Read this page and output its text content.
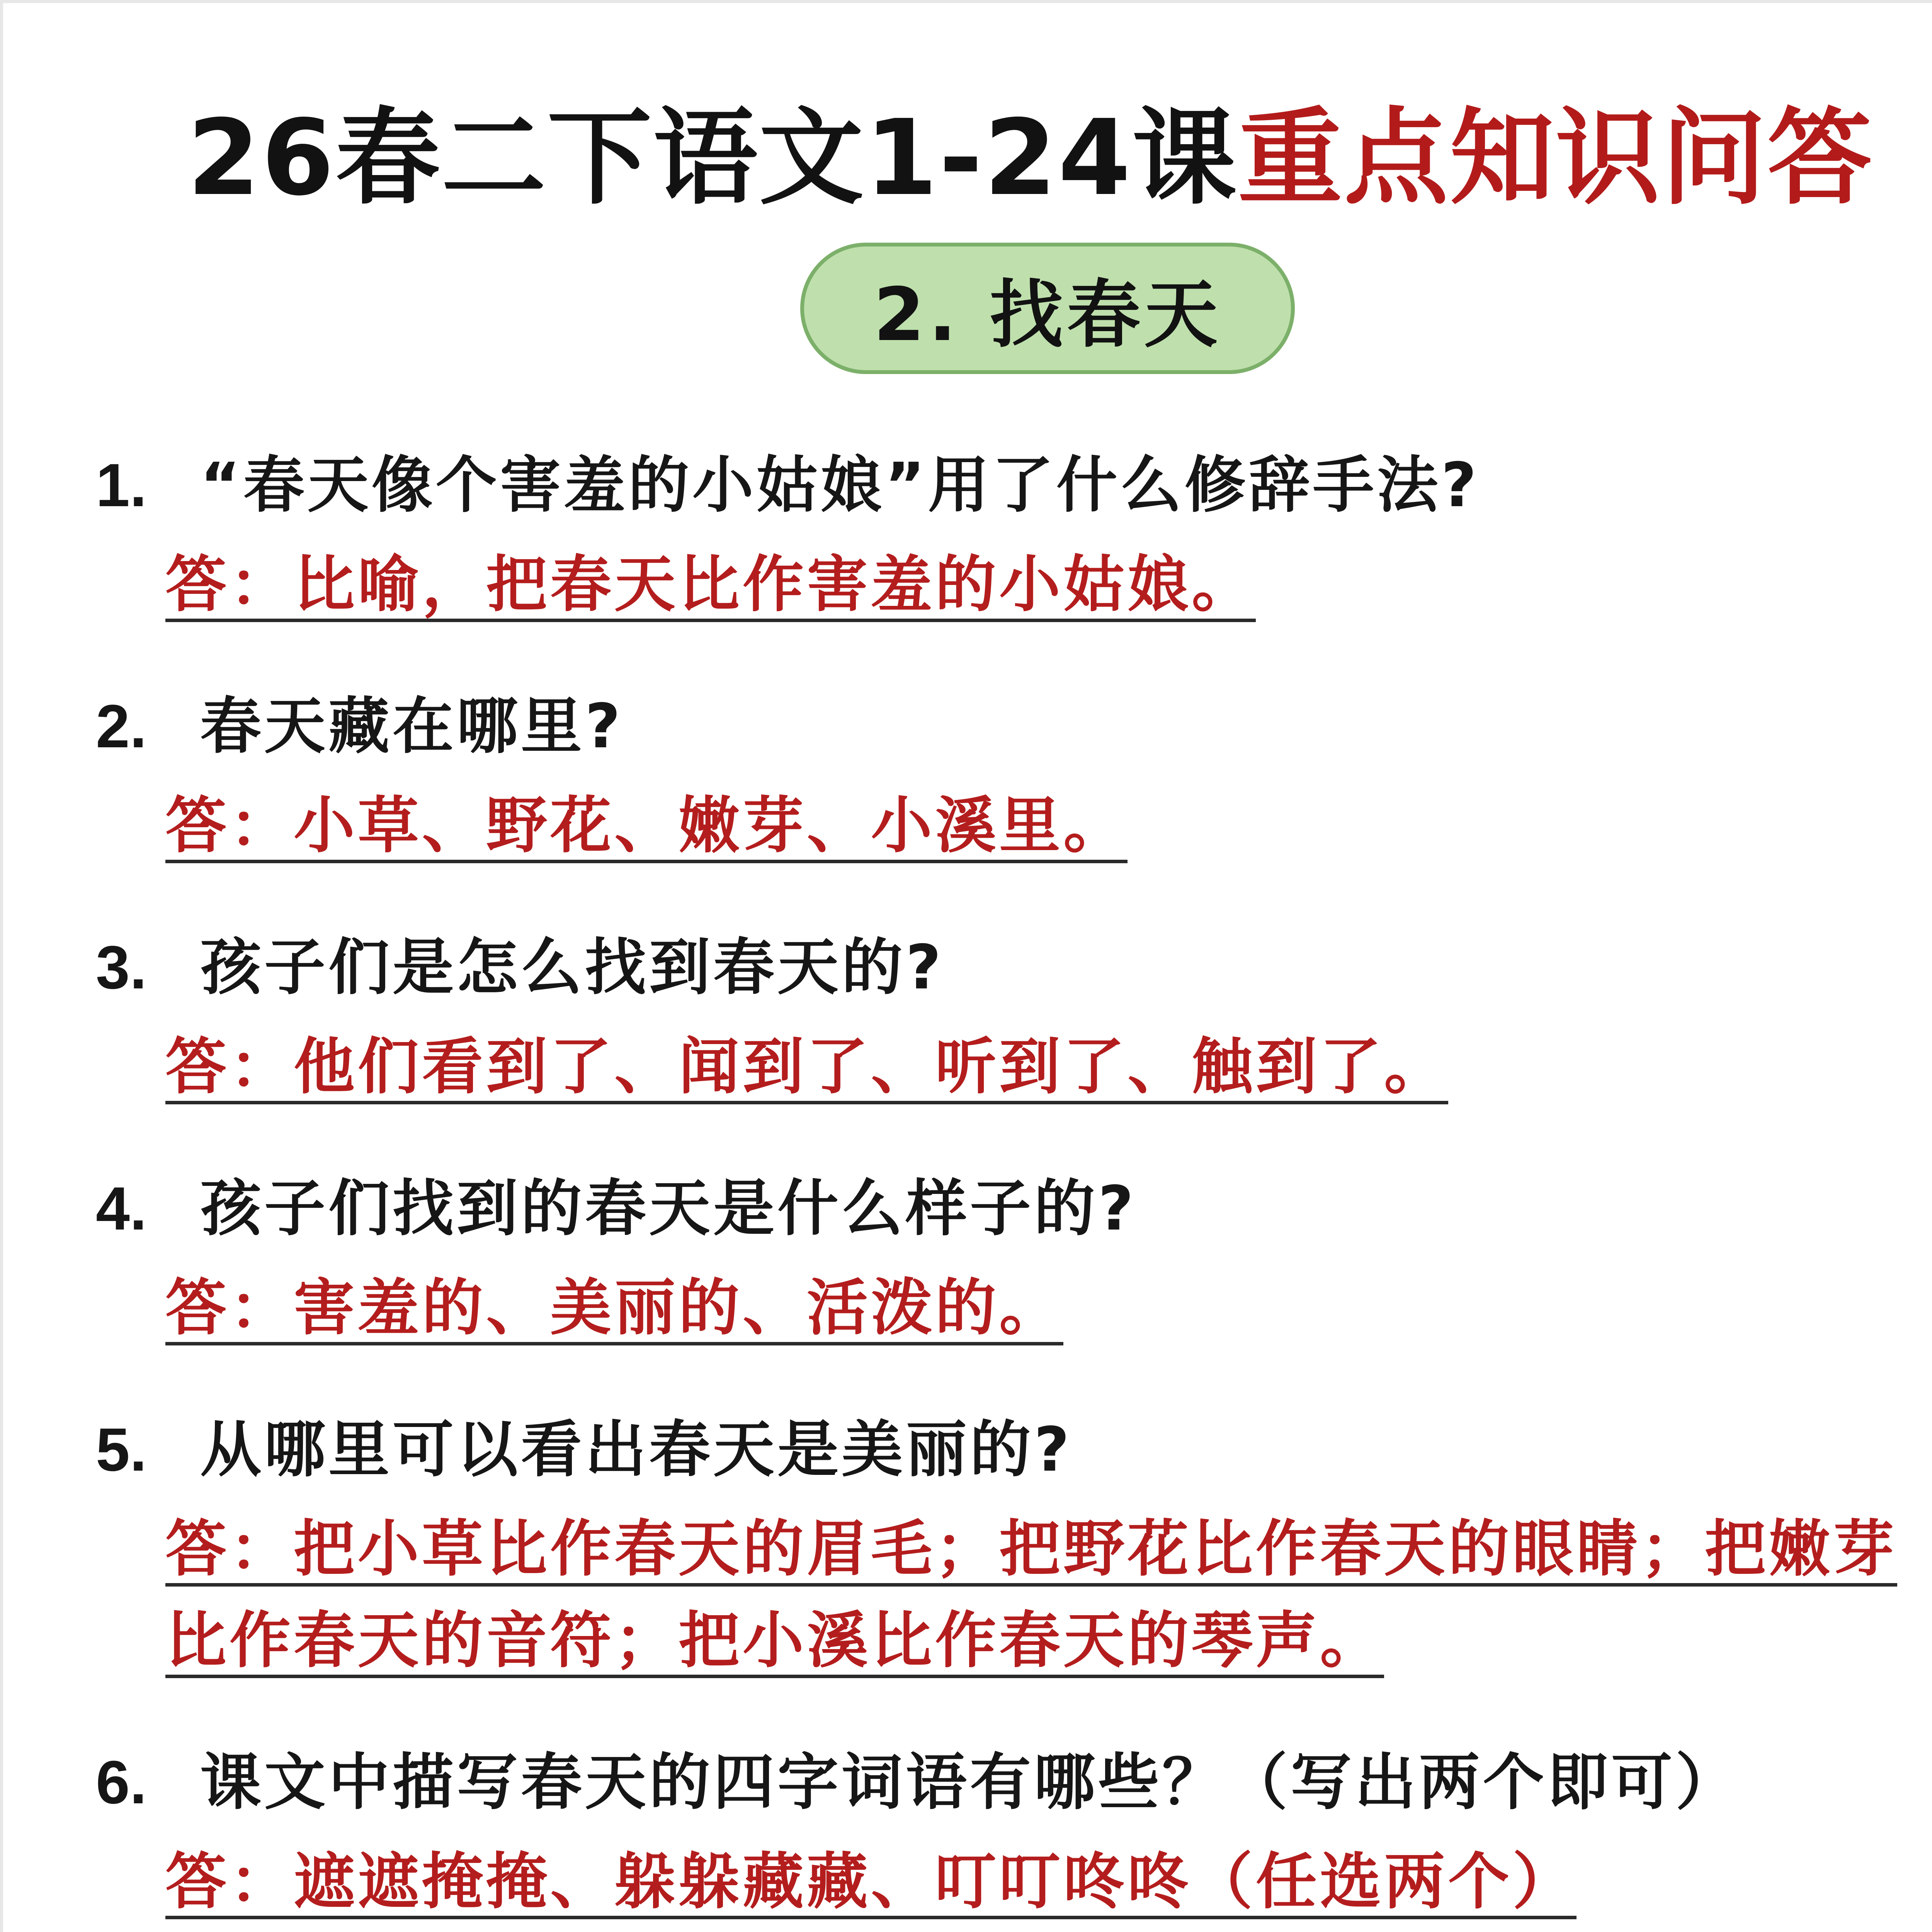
26春二下语文1-24课重点知识问答
2. 找春天
1. “春天像个害羞的小姑娘”用了什么修辞手法?
答：比喻，把春天比作害羞的小姑娘。
2. 春天藏在哪里?
答：小草、野花、嫩芽、小溪里。
3. 孩子们是怎么找到春天的?
答：他们看到了、闻到了、听到了、触到了。
4. 孩子们找到的春天是什么样子的?
答：害羞的、美丽的、活泼的。
5. 从哪里可以看出春天是美丽的?
答：把小草比作春天的眉毛；把野花比作春天的眼睛；把嫩芽比作春天的音符；把小溪比作春天的琴声。
6. 课文中描写春天的四字词语有哪些？（写出两个即可）
答：遮遮掩掩、躲躲藏藏、叮叮咚咚（任选两个）
